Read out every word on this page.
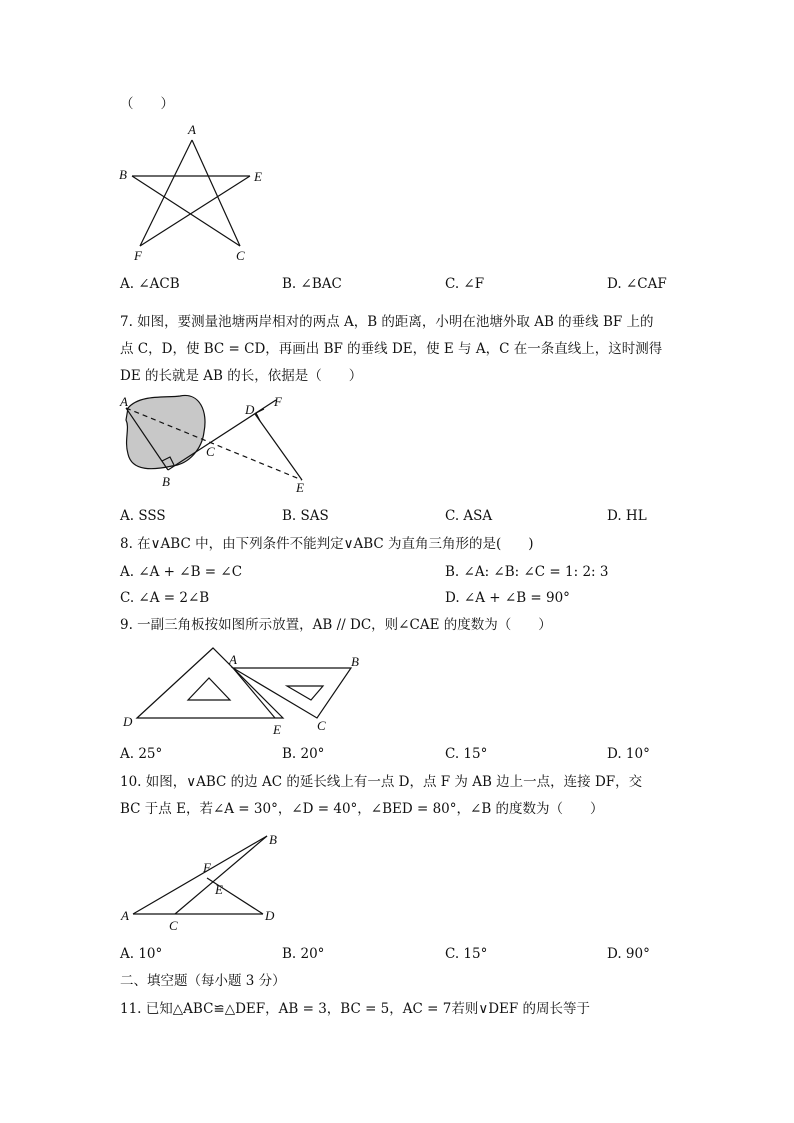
（　　）
A
B	E
F	C
A. ∠ACB	B. ∠BAC	C. ∠F	D. ∠CAF
7. 如图，要测量池塘两岸相对的两点 A，B 的距离，小明在池塘外取 AB 的垂线 BF 上的
点 C，D，使 BC = CD，再画出 BF 的垂线 DE，使 E 与 A，C 在一条直线上，这时测得
DE 的长就是 AB 的长，依据是（　　）
A
B
C
D
F
E
A. SSS	B. SAS	C. ASA	D. HL
8. 在∨ABC 中，由下列条件不能判定∨ABC 为直角三角形的是(　　)
A. ∠A + ∠B = ∠C	B. ∠A: ∠B: ∠C = 1: 2: 3
C. ∠A = 2∠B	D. ∠A + ∠B = 90°
9. 一副三角板按如图所示放置，AB // DC，则∠CAE 的度数为（　　）
A	B
D
E	C
A. 25°	B. 20°	C. 15°	D. 10°
10. 如图，∨ABC 的边 AC 的延长线上有一点 D，点 F 为 AB 边上一点，连接 DF，交
BC 于点 E，若∠A = 30°，∠D = 40°，∠BED = 80°，∠B 的度数为（　　）
B
F
E
A
C
D
A. 10°	B. 20°	C. 15°	D. 90°
二、填空题（每小题 3 分）
11. 已知△ABC≌△DEF，AB = 3，BC = 5，AC = 7若则∨DEF 的周长等于
